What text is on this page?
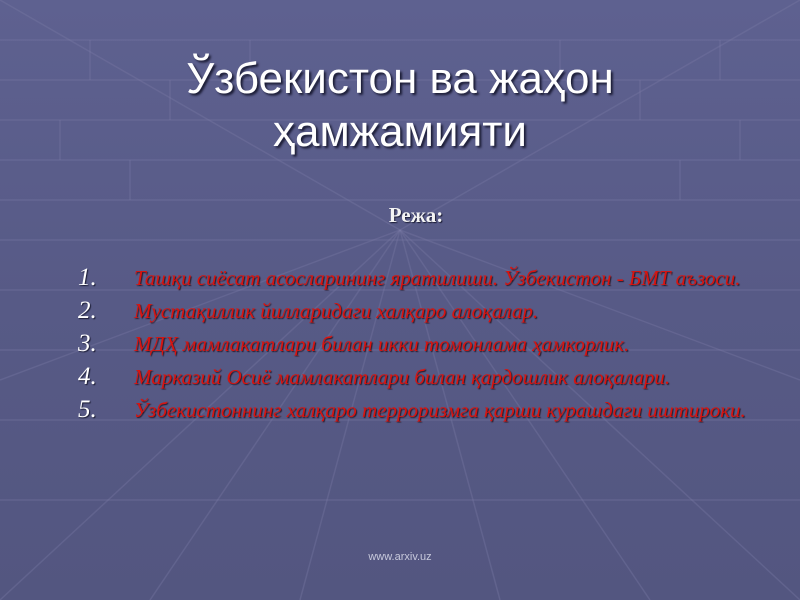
Ўзбекистон ва жаҳон
ҳамжамияти
Режа:
1.	Ташқи сиёсат асосларининг яратилиши. Ўзбекистон - БМТ аъзоси.
2.	Мустақиллик йилларидаги халқаро алоқалар.
3.	МДҲ мамлакатлари билан икки томонлама ҳамкорлик.
4.	Марказий Осиё мамлакатлари билан қардошлик алоқалари.
5.	Ўзбекистоннинг халқаро терроризмга қарши курашдаги иштироки.
www.arxiv.uz
